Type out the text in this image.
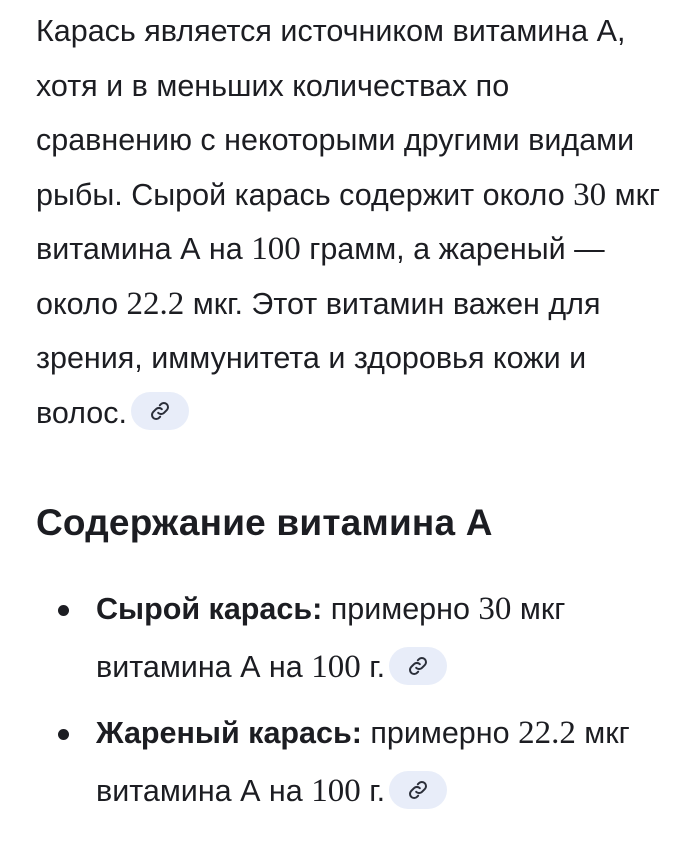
Карась является источником витамина А, хотя и в меньших количествах по сравнению с некоторыми другими видами рыбы. Сырой карась содержит около 30 мкг витамина А на 100 грамм, а жареный — около 22.2 мкг. Этот витамин важен для зрения, иммунитета и здоровья кожи и волос.

Содержание витамина А
Сырой карась: примерно 30 мкг витамина А на 100 г.
Жареный карась: примерно 22.2 мкг витамина А на 100 г.
